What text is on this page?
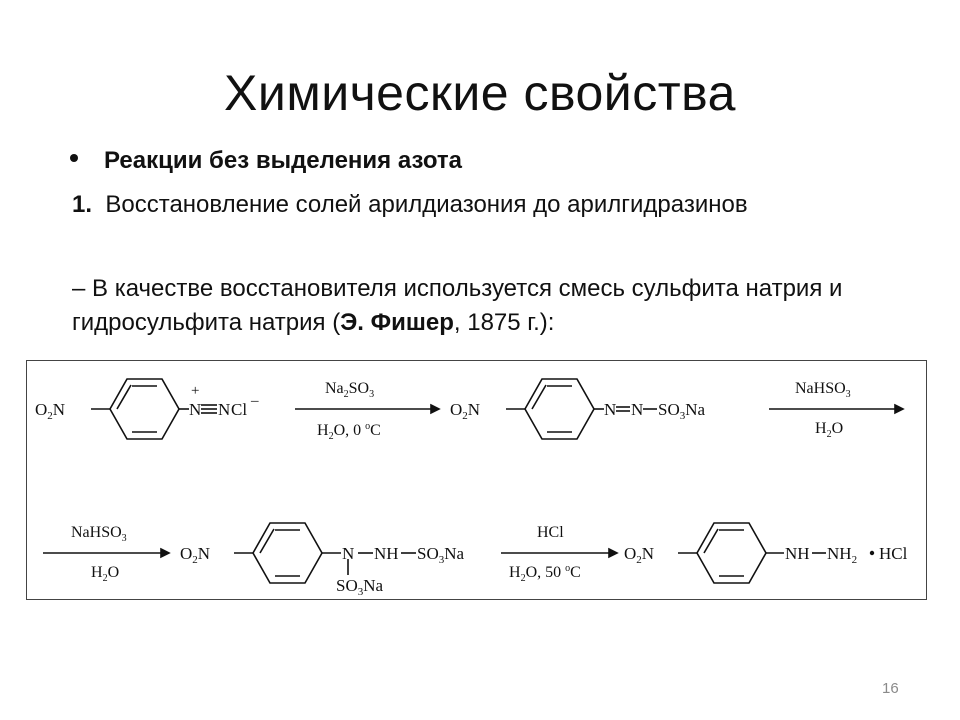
Химические свойства
Реакции без выделения азота
1. Восстановление солей арилдиазония до арилгидразинов
– В качестве восстановителя используется смесь сульфита натрия и гидросульфита натрия (Э. Фишер, 1875 г.):
$O_2N$	N
+
N Cl –
$Na_2SO_3$
$H_2O$, 0 $^o$C
$O_2N$	N N $SO_3Na$
NaHSO$_3$
$H_2O$
NaHSO$_3$
$H_2O$
$O_2N$	N NH $SO_3Na$
$SO_3Na$
HCl
$H_2O$, 50 $^o$C
$O_2N$	NH $NH_2$ HCl
16
